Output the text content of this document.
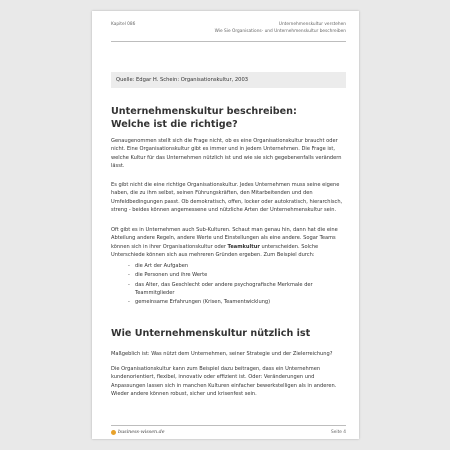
Kapitel 086	Unternehmenskultur verstehen
Wie Sie Organisations- und Unternehmenskultur beschreiben
Quelle: Edgar H. Schein: Organisationskultur, 2003
Unternehmenskultur beschreiben: Welche ist die richtige?
Genaugenommen stellt sich die Frage nicht, ob es eine Organisationskultur braucht oder nicht. Eine Organisationskultur gibt es immer und in jedem Unternehmen. Die Frage ist, welche Kultur für das Unternehmen nützlich ist und wie sie sich gegebenenfalls verändern lässt.
Es gibt nicht die eine richtige Organisationskultur. Jedes Unternehmen muss seine eigene haben, die zu ihm selbst, seinen Führungskräften, den Mitarbeitenden und den Umfeldbedingungen passt. Ob demokratisch, offen, locker oder autokratisch, hierarchisch, streng - beides können angemessene und nützliche Arten der Unternehmenskultur sein.
Oft gibt es in Unternehmen auch Sub-Kulturen. Schaut man genau hin, dann hat die eine Abteilung andere Regeln, andere Werte und Einstellungen als eine andere. Sogar Teams können sich in ihrer Organisationskultur oder Teamkultur unterscheiden. Solche Unterschiede können sich aus mehreren Gründen ergeben. Zum Beispiel durch:
- die Art der Aufgaben
- die Personen und ihre Werte
- das Alter, das Geschlecht oder andere psychografische Merkmale der Teammitglieder
- gemeinsame Erfahrungen (Krisen, Teamentwicklung)
Wie Unternehmenskultur nützlich ist
Maßgeblich ist: Was nützt dem Unternehmen, seiner Strategie und der Zielerreichung?
Die Organisationskultur kann zum Beispiel dazu beitragen, dass ein Unternehmen kundenorientiert, flexibel, innovativ oder effizient ist. Oder: Veränderungen und Anpassungen lassen sich in manchen Kulturen einfacher bewerkstelligen als in anderen. Wieder andere können robust, sicher und krisenfest sein.
business-wissen.de	Seite 4
